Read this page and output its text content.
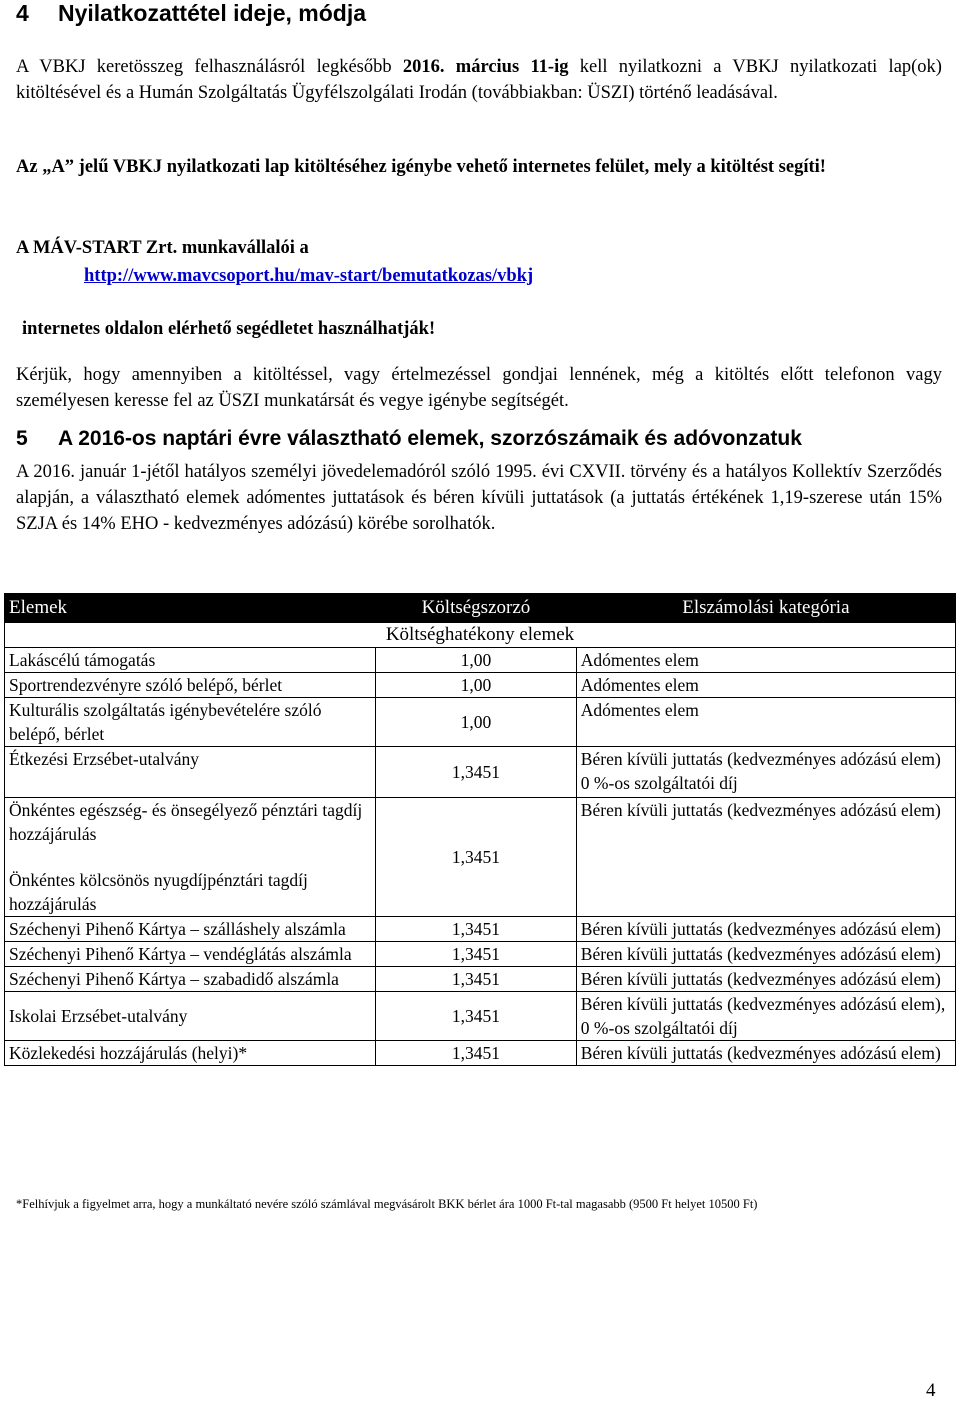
4 Nyilatkozattétel ideje, módja

A VBKJ keretösszeg felhasználásról legkésőbb 2016. március 11-ig kell nyilatkozni a VBKJ nyilatkozati lap(ok) kitöltésével és a Humán Szolgáltatás Ügyfélszolgálati Irodán (továbbiakban: ÜSZI) történő leadásával.

Az „A” jelű VBKJ nyilatkozati lap kitöltéséhez igénybe vehető internetes felület, mely a kitöltést segíti!

A MÁV-START Zrt. munkavállalói a

http://www.mavcsoport.hu/mav-start/bemutatkozas/vbkj

internetes oldalon elérhető segédletet használhatják!

Kérjük, hogy amennyiben a kitöltéssel, vagy értelmezéssel gondjai lennének, még a kitöltés előtt telefonon vagy személyesen keresse fel az ÜSZI munkatársát és vegye igénybe segítségét.

5 A 2016-os naptári évre választható elemek, szorzószámaik és adóvonzatuk

A 2016. január 1-jétől hatályos személyi jövedelemadóról szóló 1995. évi CXVII. törvény és a hatályos Kollektív Szerződés alapján, a választható elemek adómentes juttatások és béren kívüli juttatások (a juttatás értékének 1,19-szerese után 15% SZJA és 14% EHO - kedvezményes adózású) körébe sorolhatók.

Elemek	Költségszorzó	Elszámolási kategória
Költséghatékony elemek		
Lakáscélú támogatás	1,00	Adómentes elem
Sportrendezvényre szóló belépő, bérlet	1,00	Adómentes elem
Kulturális szolgáltatás igénybevételére szóló belépő, bérlet	1,00	Adómentes elem
Étkezési Erzsébet-utalvány	1,3451	Béren kívüli juttatás (kedvezményes adózású elem) 0 %-os szolgáltatói díj

Önkéntes egészség- és önsegélyező pénztári tagdíj hozzájárulás
Önkéntes kölcsönös nyugdíjpénztári tagdíj hozzájárulás	1,3451	Béren kívüli juttatás (kedvezményes adózású elem)
Széchenyi Pihenő Kártya – szálláshely alszámla	1,3451	Béren kívüli juttatás (kedvezményes adózású elem)
Széchenyi Pihenő Kártya – vendéglátás alszámla	1,3451	Béren kívüli juttatás (kedvezményes adózású elem)
Széchenyi Pihenő Kártya – szabadidő alszámla	1,3451	Béren kívüli juttatás (kedvezményes adózású elem)
Iskolai Erzsébet-utalvány	1,3451	Béren kívüli juttatás (kedvezményes adózású elem), 0 %-os szolgáltatói díj
Közlekedési hozzájárulás (helyi)*	1,3451	Béren kívüli juttatás (kedvezményes adózású elem)

*Felhívjuk a figyelmet arra, hogy a munkáltató nevére szóló számlával megvásárolt BKK bérlet ára 1000 Ft-tal magasabb (9500 Ft helyet 10500 Ft)

4
